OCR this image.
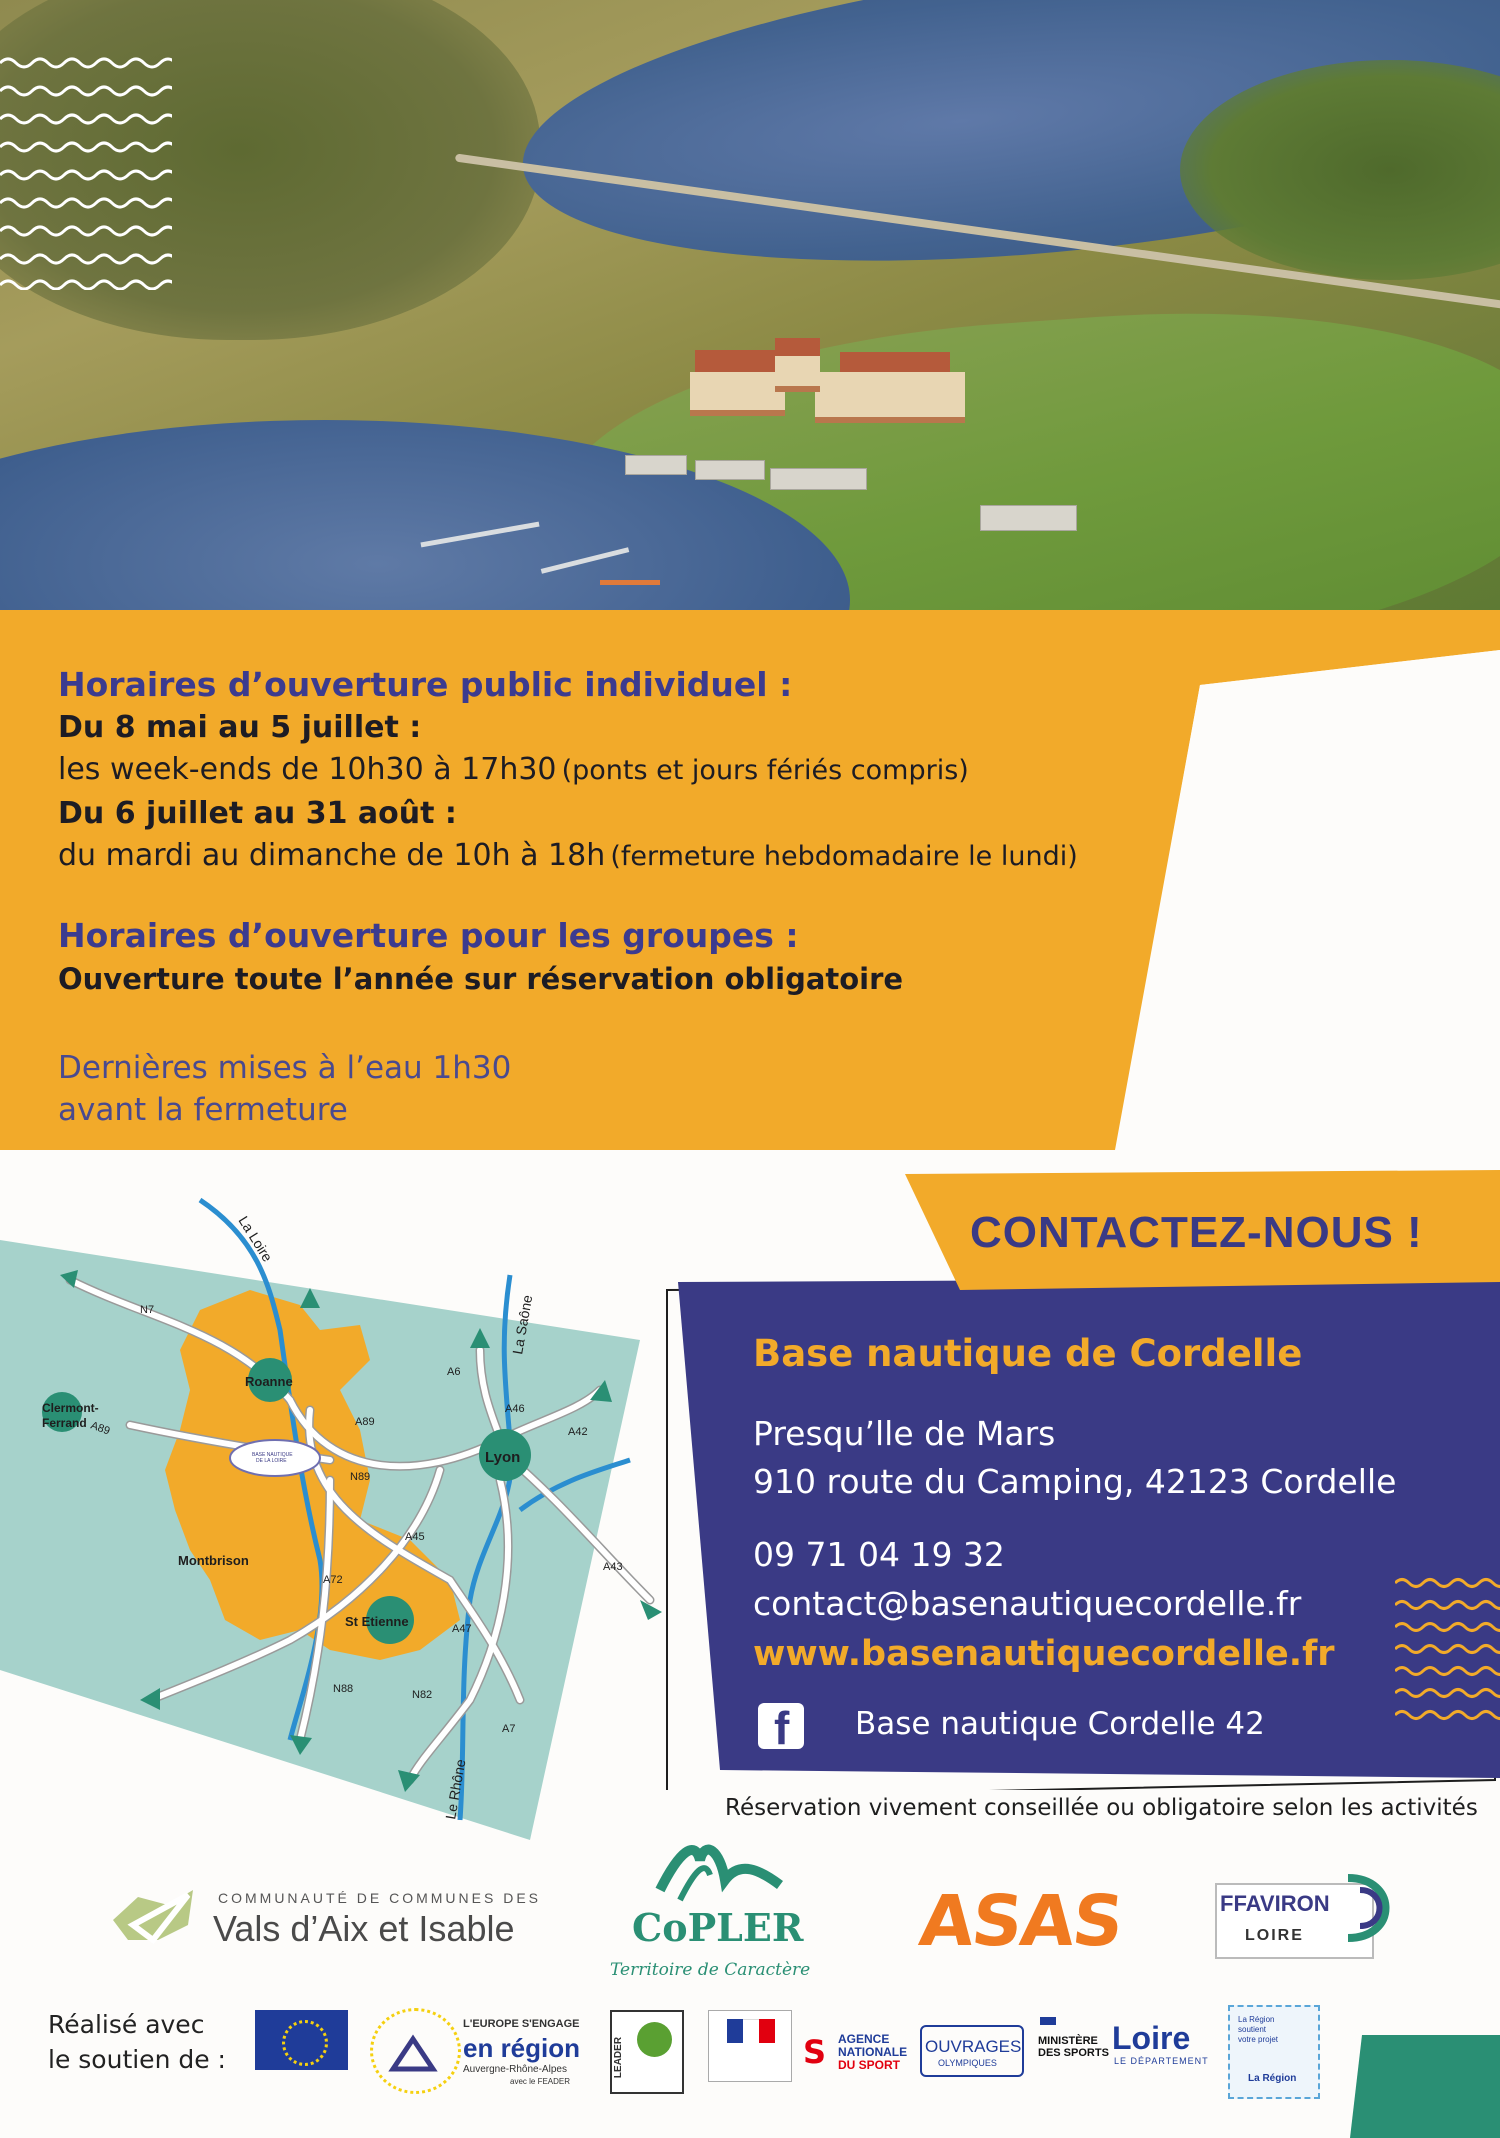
Horaires d’ouverture public individuel :
Du 8 mai au 5 juillet :
les week-ends de 10h30 à 17h30 (ponts et jours fériés compris)
Du 6 juillet au 31 août :
du mardi au dimanche de 10h à 18h (fermeture hebdomadaire le lundi)
Horaires d’ouverture pour les groupes :
Ouverture toute l’année sur réservation obligatoire
Dernières mises à l’eau 1h30
avant la fermeture
Roanne
Clermont-Ferrand
Lyon
Montbrison
St Etienne
N7
A89	A89
N89
A6
A46
A42
A45
A72
A43
A47
N88	N82
A7
La Loire
La Saône
Le Rhône
BASE NAUTIQUE DE LA LOIRE
CONTACTEZ-NOUS !
Base nautique de Cordelle
Presqu’lle de Mars
910 route du Camping, 42123 Cordelle
09 71 04 19 32
contact@basenautiquecordelle.fr
www.basenautiquecordelle.fr
f Base nautique Cordelle 42
Réservation vivement conseillée ou obligatoire selon les activités
COMMUNAUTÉ DE COMMUNES DES
Vals d’Aix et Isable	CoPLER
Territoire de Caractère
ASAS	FFAVIRON
LOIRE
Réalisé avec
le soutien de :
L'EUROPE S'ENGAGE
en région
Auvergne-Rhône-Alpes
avec le FEADER
LEADER	S AGENCE
NATIONALE
DU SPORT
OUVRAGES
OLYMPIQUES
MINISTÈRE
DES SPORTS Loire
LE DÉPARTEMENT
La Région
soutient
votre projet
La Région
